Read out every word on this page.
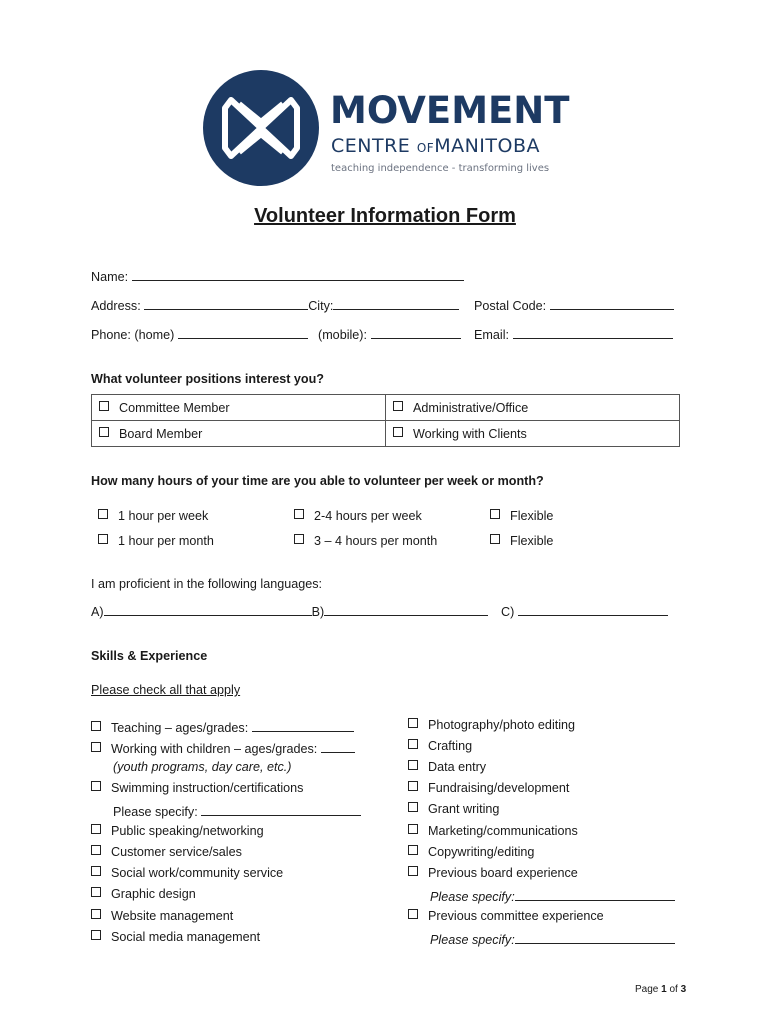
MOVEMENT
CENTRE OFMANITOBA
teaching independence - transforming lives
Volunteer Information Form
Name:
Address:	City:	Postal Code:
Phone: (home)	(mobile):	Email:
What volunteer positions interest you?
Committee Member	Administrative/Office
Board Member	Working with Clients
How many hours of your time are you able to volunteer per week or month?
1 hour per week	2-4 hours per week	Flexible
1 hour per month	3 – 4 hours per month	Flexible
I am proficient in the following languages:
A)	B)	C)
Skills & Experience
Please check all that apply
Teaching – ages/grades:
Working with children – ages/grades:
(youth programs, day care, etc.)
Swimming instruction/certifications
Please specify:
Public speaking/networking
Customer service/sales
Social work/community service
Graphic design
Website management
Social media management
Photography/photo editing
Crafting
Data entry
Fundraising/development
Grant writing
Marketing/communications
Copywriting/editing
Previous board experience
Please specify:
Previous committee experience
Please specify:
Page 1 of 3
